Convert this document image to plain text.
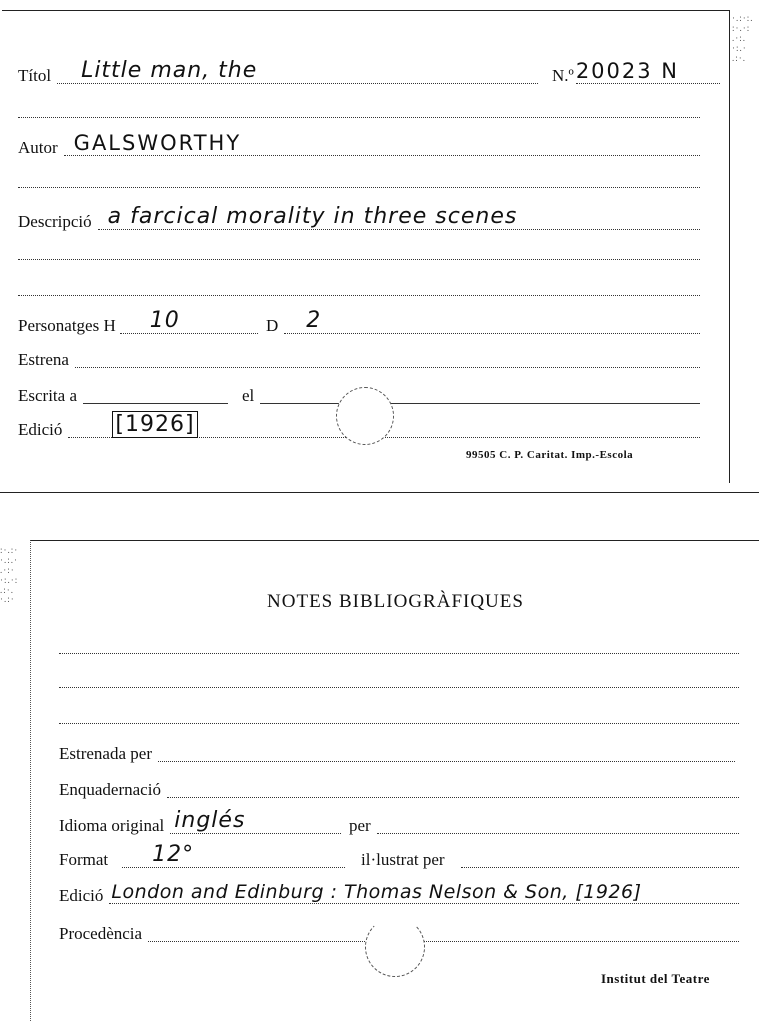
Títol Little man, the	N.º 20023 N
Autor GALSWORTHY
Descripció a farcical morality in three scenes
Personatges H 10	D 2
Estrena
Escrita a	el
Edició [1926]
99505 C. P. Caritat. Imp.-Escola
·.:·:.
:·.·:
.·:.
·:.·
.:·.
NOTES BIBLIOGRÀFIQUES
Estrenada per
Enquadernació
Idioma original inglés	per
Format 12°	il·lustrat per
Edició London and Edinburg : Thomas Nelson & Son, [1926]
Procedència
Institut del Teatre
:·.:·
·.:.·
.·:·
·:.·:
.:·.
·.:·
